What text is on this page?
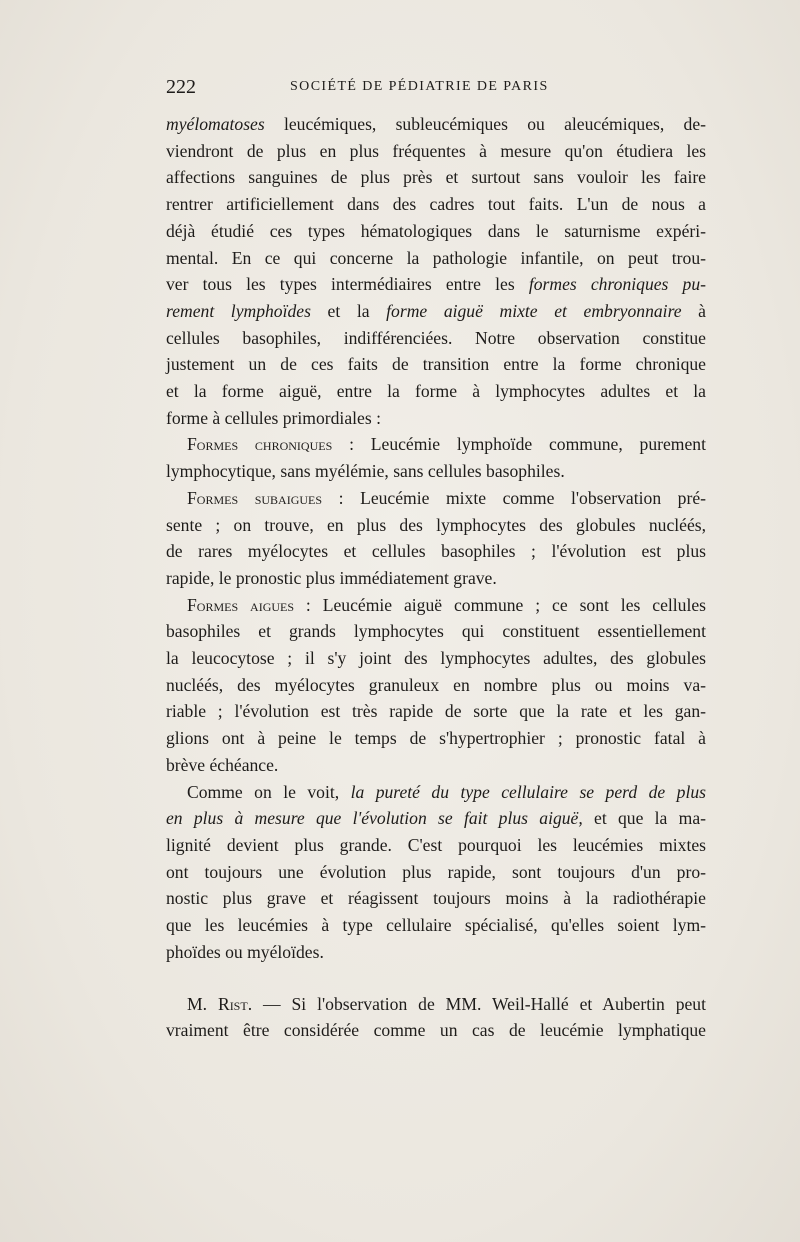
222	SOCIÉTÉ DE PÉDIATRIE DE PARIS
myélomatoses leucémiques, subleucémiques ou aleucémiques, de-
viendront de plus en plus fréquentes à mesure qu'on étudiera les
affections sanguines de plus près et surtout sans vouloir les faire
rentrer artificiellement dans des cadres tout faits. L'un de nous a
déjà étudié ces types hématologiques dans le saturnisme expéri-
mental. En ce qui concerne la pathologie infantile, on peut trou-
ver tous les types intermédiaires entre les formes chroniques pu-
rement lymphoïdes et la forme aiguë mixte et embryonnaire à
cellules basophiles, indifférenciées. Notre observation constitue
justement un de ces faits de transition entre la forme chronique
et la forme aiguë, entre la forme à lymphocytes adultes et la
forme à cellules primordiales :
Formes chroniques : Leucémie lymphoïde commune, purement
lymphocytique, sans myélémie, sans cellules basophiles.
Formes subaigues : Leucémie mixte comme l'observation pré-
sente ; on trouve, en plus des lymphocytes des globules nucléés,
de rares myélocytes et cellules basophiles ; l'évolution est plus
rapide, le pronostic plus immédiatement grave.
Formes aigues : Leucémie aiguë commune ; ce sont les cellules
basophiles et grands lymphocytes qui constituent essentiellement
la leucocytose ; il s'y joint des lymphocytes adultes, des globules
nucléés, des myélocytes granuleux en nombre plus ou moins va-
riable ; l'évolution est très rapide de sorte que la rate et les gan-
glions ont à peine le temps de s'hypertrophier ; pronostic fatal à
brève échéance.
Comme on le voit, la pureté du type cellulaire se perd de plus
en plus à mesure que l'évolution se fait plus aiguë, et que la ma-
lignité devient plus grande. C'est pourquoi les leucémies mixtes
ont toujours une évolution plus rapide, sont toujours d'un pro-
nostic plus grave et réagissent toujours moins à la radiothérapie
que les leucémies à type cellulaire spécialisé, qu'elles soient lym-
phoïdes ou myéloïdes.
M. Rist. — Si l'observation de MM. Weil-Hallé et Aubertin peut
vraiment être considérée comme un cas de leucémie lymphatique
